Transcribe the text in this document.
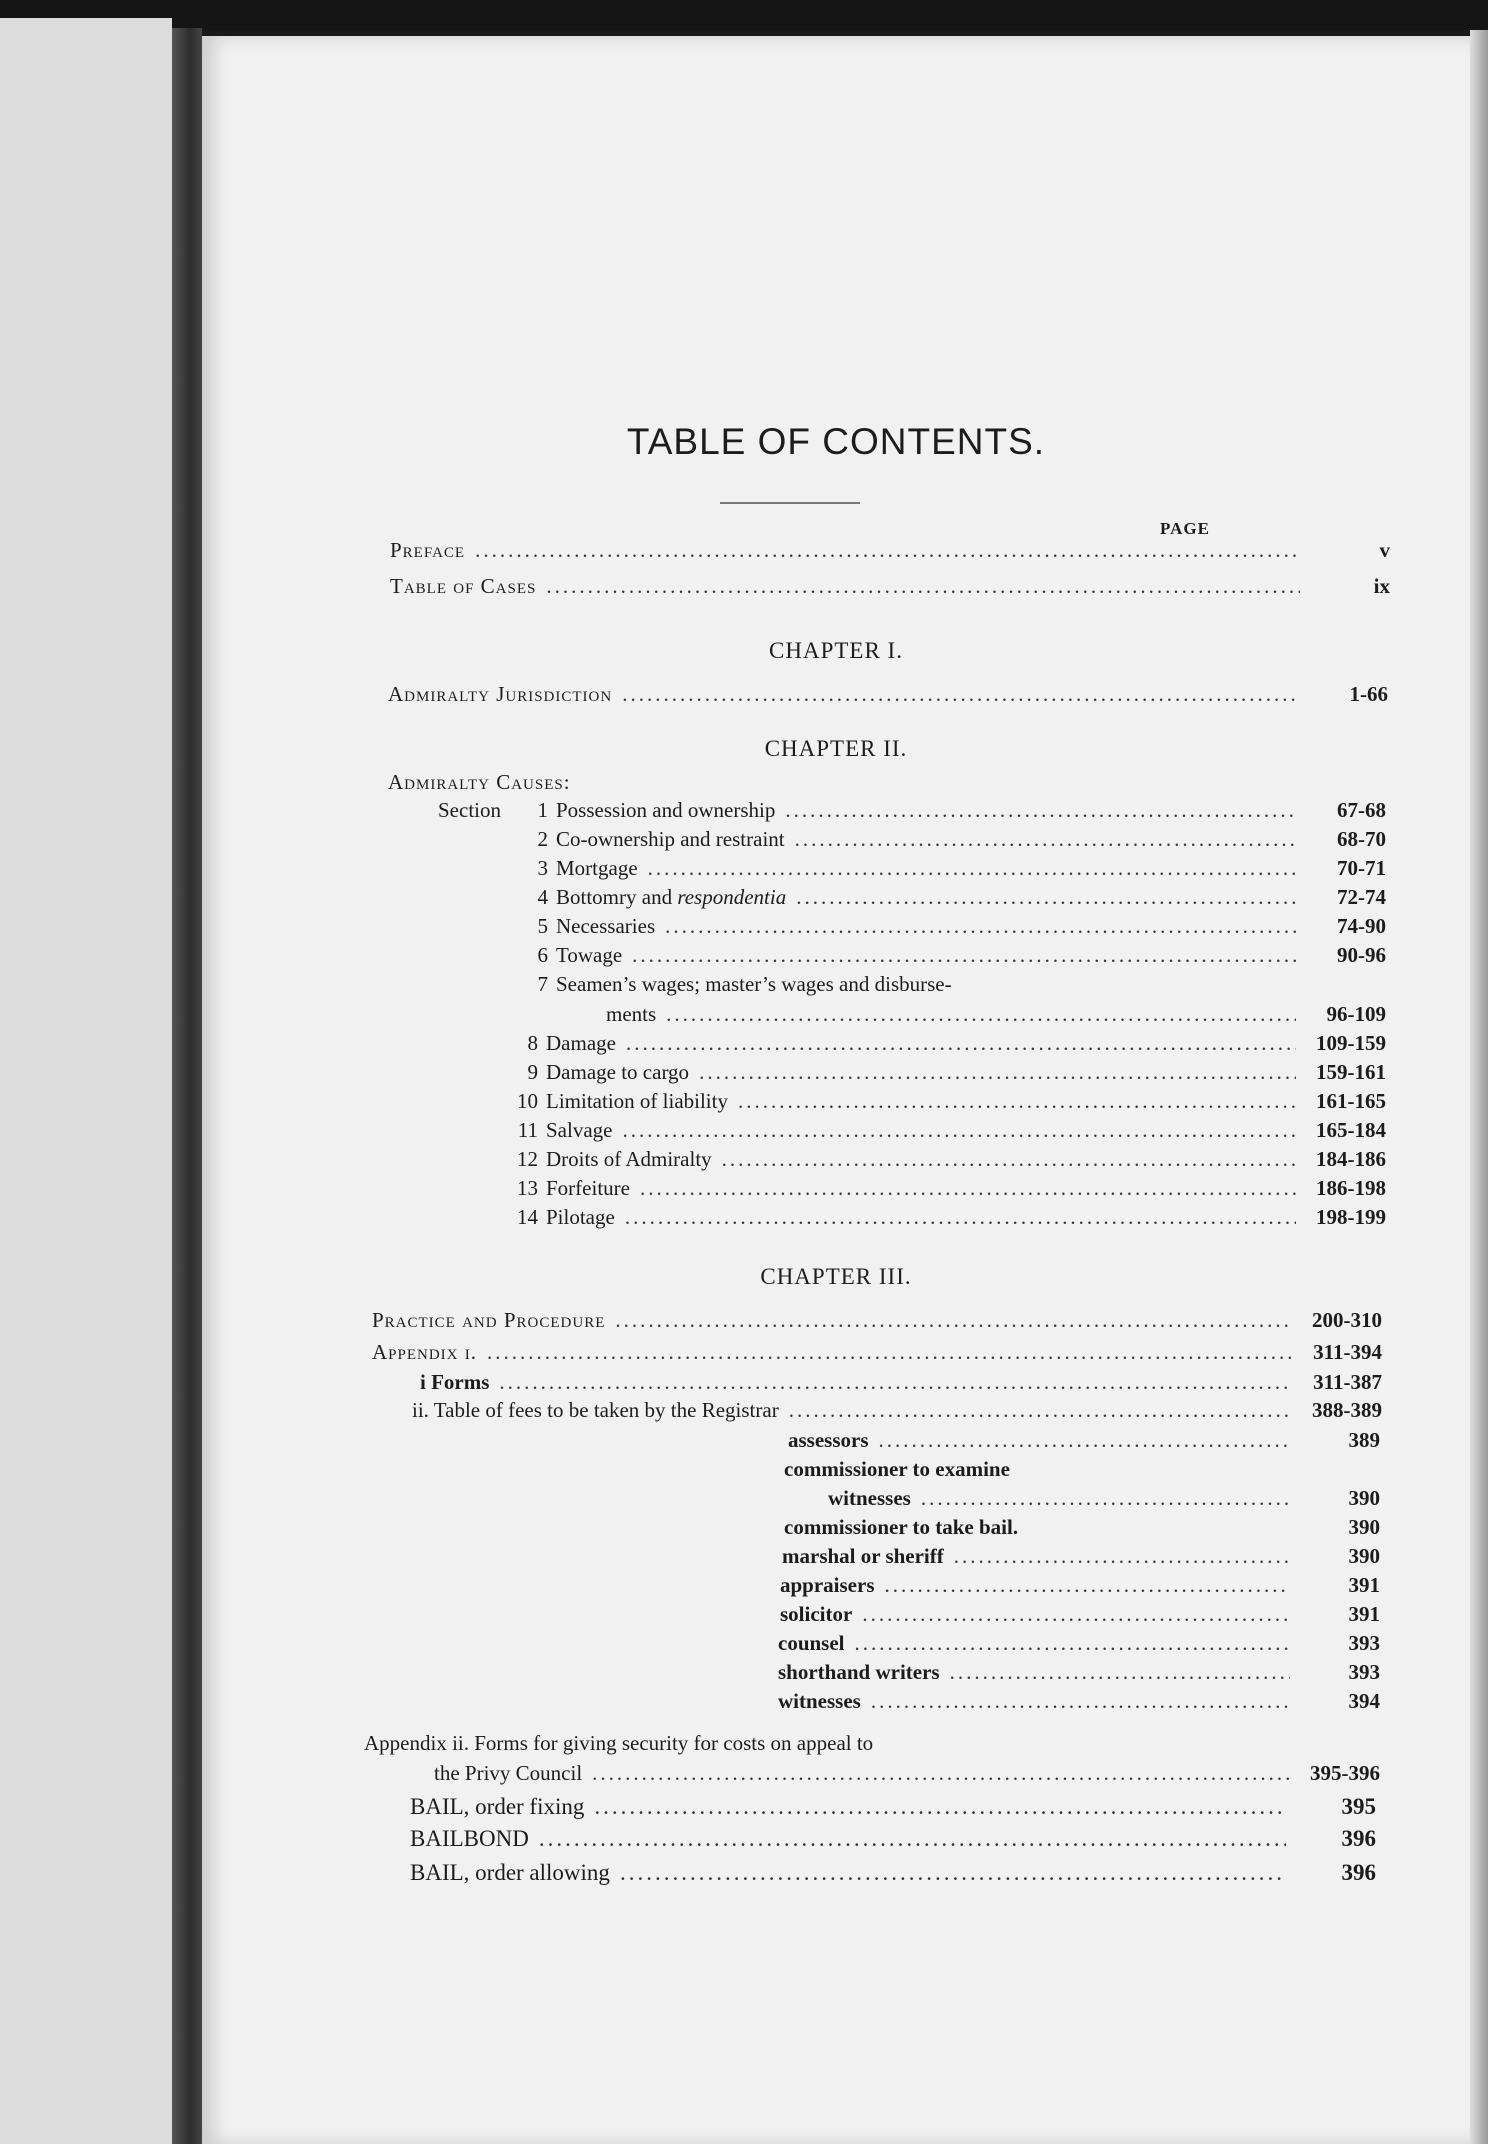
TABLE OF CONTENTS.
PAGE
Preface .....	v
Table of Cases .....	ix
CHAPTER I.
Admiralty Jurisdiction .....	1-66
CHAPTER II.
Admiralty Causes:
Section	1 Possession and ownership .....	67-68
2 Co-ownership and restraint .....	68-70
3 Mortgage .....	70-71
4 Bottomry and respondentia .....	72-74
5 Necessaries .....	74-90
6 Towage .....	90-96
7 Seamen’s wages; master’s wages and disburse-
ments .....	96-109
8 Damage .....	109-159
9 Damage to cargo .....	159-161
10 Limitation of liability .....	161-165
11 Salvage .....	165-184
12 Droits of Admiralty .....	184-186
13 Forfeiture .....	186-198
14 Pilotage .....	198-199
CHAPTER III.
Practice and Procedure .....	200-310
Appendix i. .....	311-394
i Forms .....	311-387
ii. Table of fees to be taken by the Registrar .....	388-389
assessors .....	389
commissioner to examine
witnesses .....	390
commissioner to take bail.	390
marshal or sheriff .....	390
appraisers .....	391
solicitor .....	391
counsel .....	393
shorthand writers .....	393
witnesses .....	394
Appendix ii. Forms for giving security for costs on appeal to
the Privy Council .....	395-396
BAIL, order fixing .....	395
BAILBOND .....	396
BAIL, order allowing .....	396
